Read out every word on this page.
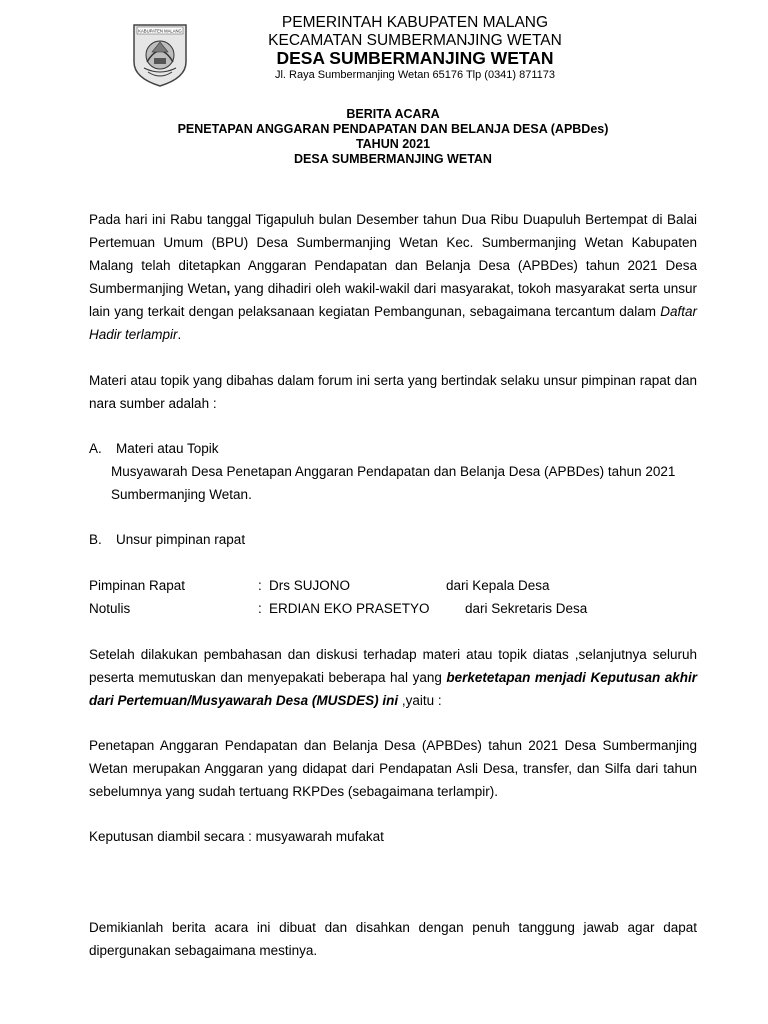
KABUPATEN MALANG	PEMERINTAH KABUPATEN MALANG
KECAMATAN SUMBERMANJING WETAN
DESA SUMBERMANJING WETAN
Jl. Raya Sumbermanjing Wetan 65176 Tlp (0341) 871173
BERITA ACARA
PENETAPAN ANGGARAN PENDAPATAN DAN BELANJA DESA (APBDes)
TAHUN 2021
DESA SUMBERMANJING WETAN
Pada hari ini Rabu tanggal Tigapuluh bulan Desember tahun Dua Ribu Duapuluh Bertempat di Balai Pertemuan Umum (BPU) Desa Sumbermanjing Wetan Kec. Sumbermanjing Wetan Kabupaten Malang telah ditetapkan Anggaran Pendapatan dan Belanja Desa (APBDes) tahun 2021 Desa Sumbermanjing Wetan, yang dihadiri oleh wakil-wakil dari masyarakat, tokoh masyarakat serta unsur lain yang terkait dengan pelaksanaan kegiatan Pembangunan, sebagaimana tercantum dalam Daftar Hadir terlampir.
Materi atau topik yang dibahas dalam forum ini serta yang bertindak selaku unsur pimpinan rapat dan nara sumber adalah :
A. Materi atau Topik
Musyawarah Desa Penetapan Anggaran Pendapatan dan Belanja Desa (APBDes) tahun 2021
Sumbermanjing Wetan.
B. Unsur pimpinan rapat
Pimpinan Rapat	: Drs SUJONO	dari Kepala Desa
Notulis	: ERDIAN EKO PRASETYO	dari Sekretaris Desa
Setelah dilakukan pembahasan dan diskusi terhadap materi atau topik diatas ,selanjutnya seluruh peserta memutuskan dan menyepakati beberapa hal yang berketetapan menjadi Keputusan akhir dari Pertemuan/Musyawarah Desa (MUSDES) ini ,yaitu :
Penetapan Anggaran Pendapatan dan Belanja Desa (APBDes) tahun 2021 Desa Sumbermanjing Wetan merupakan Anggaran yang didapat dari Pendapatan Asli Desa, transfer, dan Silfa dari tahun sebelumnya yang sudah tertuang RKPDes (sebagaimana terlampir).
Keputusan diambil secara : musyawarah mufakat
Demikianlah berita acara ini dibuat dan disahkan dengan penuh tanggung jawab agar dapat dipergunakan sebagaimana mestinya.
